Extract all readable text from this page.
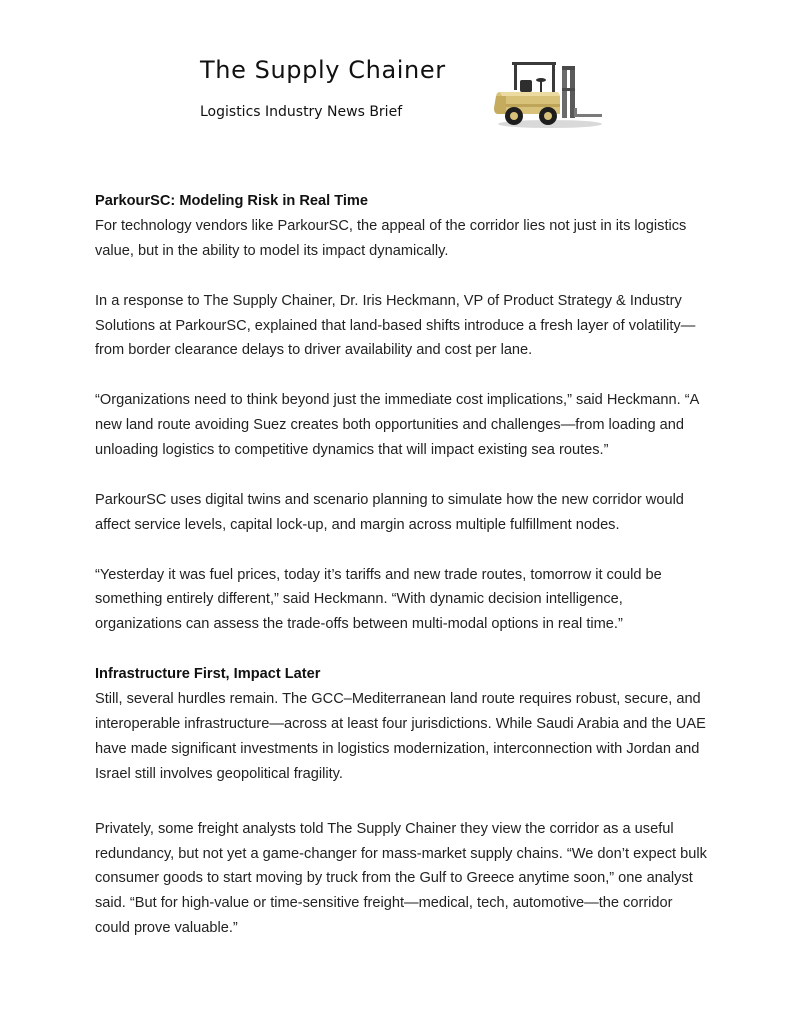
The Supply Chainer
Logistics Industry News Brief

ParkourSC: Modeling Risk in Real Time

For technology vendors like ParkourSC, the appeal of the corridor lies not just in its logistics value, but in the ability to model its impact dynamically.

In a response to The Supply Chainer, Dr. Iris Heckmann, VP of Product Strategy & Industry Solutions at ParkourSC, explained that land-based shifts introduce a fresh layer of volatility—from border clearance delays to driver availability and cost per lane.

“Organizations need to think beyond just the immediate cost implications,” said Heckmann. “A new land route avoiding Suez creates both opportunities and challenges—from loading and unloading logistics to competitive dynamics that will impact existing sea routes.”

ParkourSC uses digital twins and scenario planning to simulate how the new corridor would affect service levels, capital lock-up, and margin across multiple fulfillment nodes.

“Yesterday it was fuel prices, today it’s tariffs and new trade routes, tomorrow it could be something entirely different,” said Heckmann. “With dynamic decision intelligence, organizations can assess the trade-offs between multi-modal options in real time.”

Infrastructure First, Impact Later

Still, several hurdles remain. The GCC–Mediterranean land route requires robust, secure, and interoperable infrastructure—across at least four jurisdictions. While Saudi Arabia and the UAE have made significant investments in logistics modernization, interconnection with Jordan and Israel still involves geopolitical fragility.

Privately, some freight analysts told The Supply Chainer they view the corridor as a useful redundancy, but not yet a game-changer for mass-market supply chains. “We don’t expect bulk consumer goods to start moving by truck from the Gulf to Greece anytime soon,” one analyst said. “But for high-value or time-sensitive freight—medical, tech, automotive—the corridor could prove valuable.”
